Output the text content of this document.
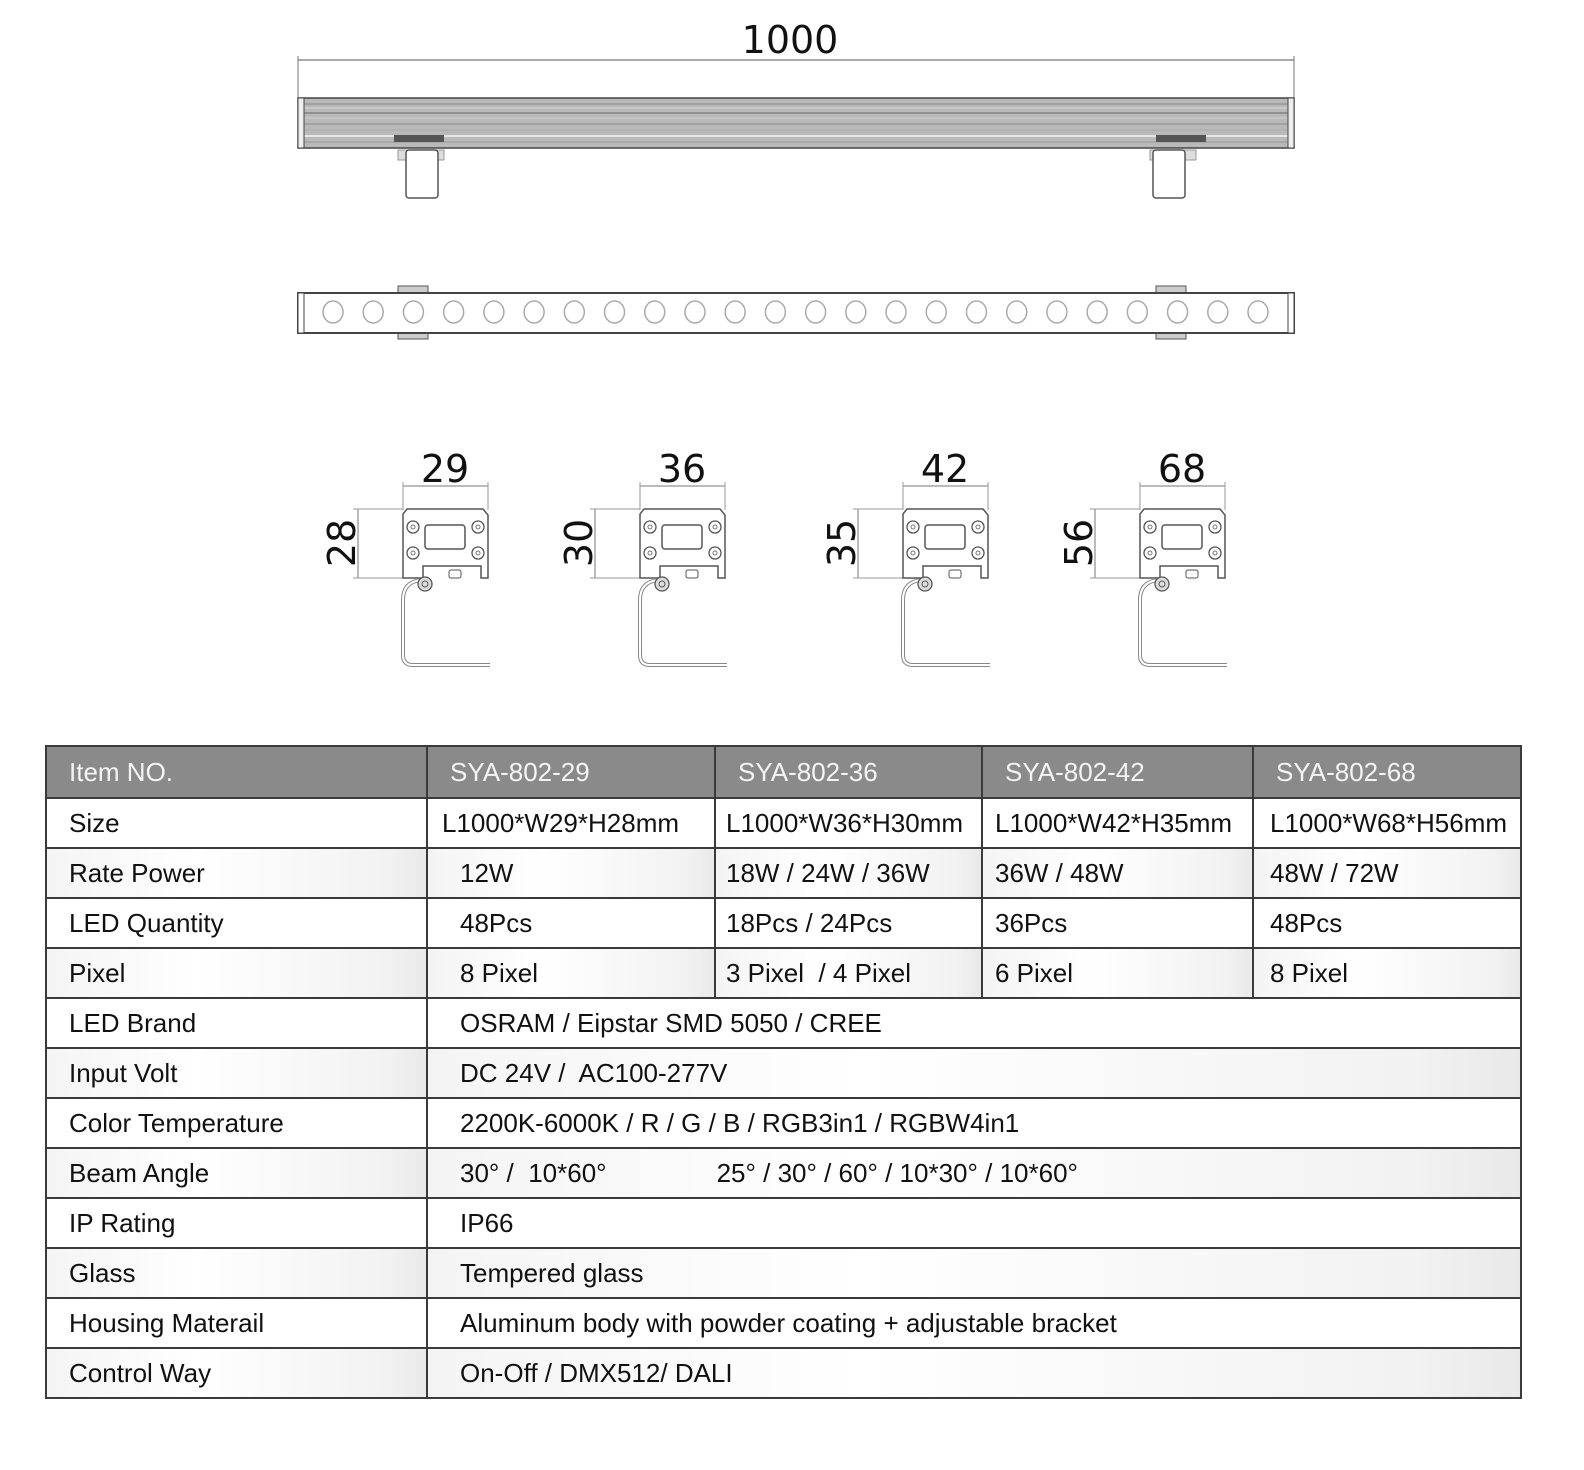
1000
29
28
36
30
42
35
68
56
Item NO.	SYA-802-29	SYA-802-36	SYA-802-42	SYA-802-68
Size	L1000*W29*H28mm	L1000*W36*H30mm	L1000*W42*H35mm	L1000*W68*H56mm
Rate Power	12W	18W / 24W / 36W	36W / 48W	48W / 72W
LED Quantity	48Pcs	18Pcs / 24Pcs	36Pcs	48Pcs
Pixel	8 Pixel	3 Pixel  / 4 Pixel	6 Pixel	8 Pixel
LED Brand	OSRAM / Eipstar SMD 5050 / CREE			
Input Volt	DC 24V /  AC100-277V			
Color Temperature	2200K-6000K / R / G / B / RGB3in1 / RGBW4in1			
Beam Angle	30° /  10*60° 25° / 30° / 60° / 10*30° / 10*60°			
IP Rating	IP66			
Glass	Tempered glass			
Housing Materail	Aluminum body with powder coating + adjustable bracket			
Control Way	On-Off / DMX512/ DALI			
